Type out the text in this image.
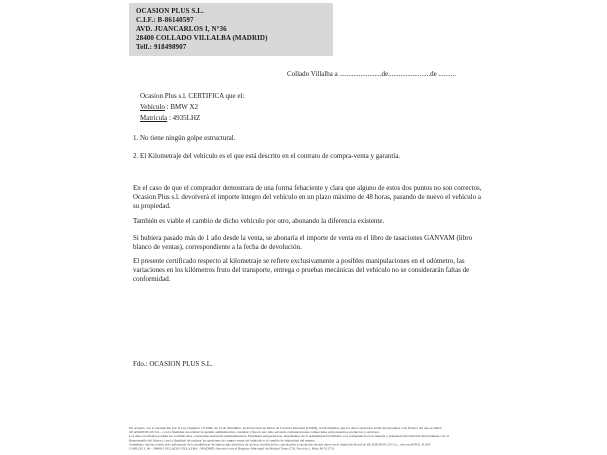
OCASION PLUS S.L.
C.I.F.: B-86140597
AVD. JUANCARLOS I, N°36
28400 COLLADO VILLALBA (MADRID)
Telf.: 918498907
Collado Villalba a ........................de........................de ..........
Ocasion Plus s.l. CERTIFICA que el:
Vehículo : BMW X2
Matrícula : 4935LHZ
1. No tiene ningún golpe estructural.
2. El Kilometraje del vehículo es el que está descrito en el contrato de compra-venta y garantía.
En el caso de que el comprador demostrara de una forma fehaciente y clara que alguno de estos dos puntos no son correctos, Ocasion Plus s.l. devolverá el importe íntegro del vehículo en un plazo máximo de 48 horas, pasando de nuevo el vehículo a su propiedad.
También es viable el cambio de dicho vehículo por otro, abonando la diferencia existente.
Si hubiera pasado más de 1 año desde la venta, se abonaría el importe de venta en el libro de tasaciones GANVAM (libro blanco de ventas), correspondiente a la fecha de devolución.
El presente certificado respecto al kilometraje se refiere exclusivamente a posibles manipulaciones en el odómetro, las variaciones en los kilómetros fruto del transporte, entrega o pruebas mecánicas del vehículo no se considerarán faltas de conformidad.
Fdo.: OCASION PLUS S.L.
De acuerdo con lo establecido por la Ley Orgánica 15/1999, de 13 de diciembre, de Protección de Datos de Carácter Personal (LOPD), le informamos que los datos aportados serán incorporados a un fichero del que es titular
OCASION PLUS S.L., con la finalidad de realizar la gestión administrativa, contable y fiscal, así como enviarle comunicaciones comerciales sobre nuestros productos y servicios.
Los datos recabados podrán ser comunicados a Gestorías/Asesorías Administrativas, Entidades Aseguradoras, Organismos de la Administración Pública con competencia en la materia y prestando información directamente con el
Responsable del fichero, con la finalidad de realizar las gestiones de compra venta del vehículo y el cambio de titularidad del mismo.
Asimismo, declaro haber sido informado de la posibilidad de ejercer mis derechos de acceso, rectificación, cancelación y oposición de mis datos en el domicilio fiscal de OCASION PLUS S.L., sito en AVDA. JUAN
CARLOS I, 36 - 28400 COLLADO VILLALBA - MADRID. Inscrito/a en el Registro Mercantil de Madrid Tomo 276, Sección 1, Hoja M-511731
